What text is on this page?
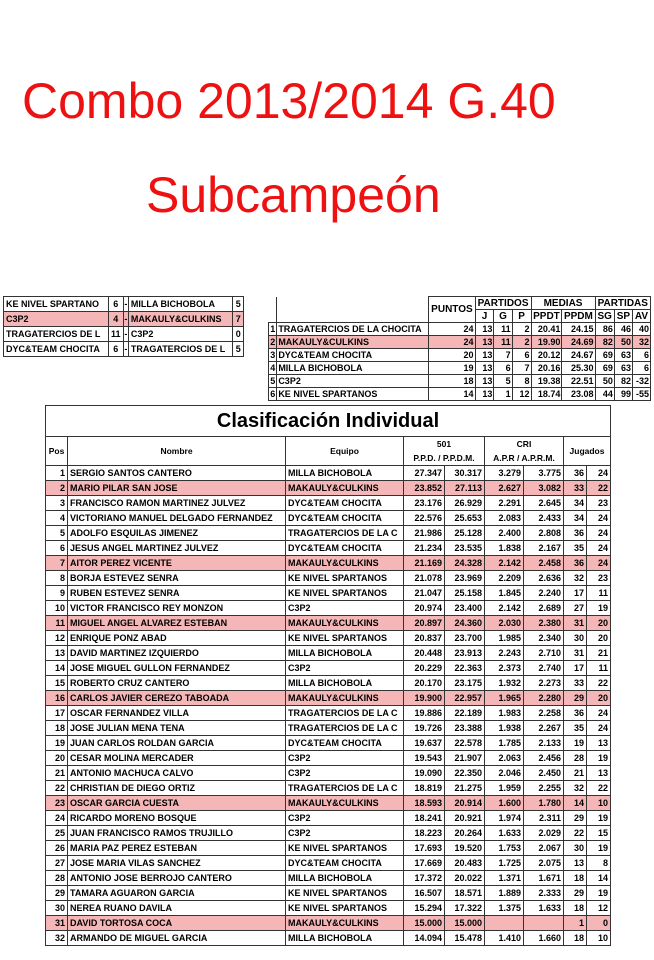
Combo 2013/2014 G.40
Subcampeón
KE NIVEL SPARTANO	6	-	MILLA BICHOBOLA	5
C3P2	4	-	MAKAULY&CULKINS	7
TRAGATERCIOS DE L	11	-	C3P2	0
DYC&TEAM CHOCITA	6	-	TRAGATERCIOS DE L	5
		PUNTOS	PARTIDOS			MEDIAS		PARTIDAS		
			J	G	P	PPDT	PPDM	SG	SP	AV
1	TRAGATERCIOS DE LA CHOCITA	24	13	11	2	20.41	24.15	86	46	40
2	MAKAULY&CULKINS	24	13	11	2	19.90	24.69	82	50	32
3	DYC&TEAM CHOCITA	20	13	7	6	20.12	24.67	69	63	6
4	MILLA BICHOBOLA	19	13	6	7	20.16	25.30	69	63	6
5	C3P2	18	13	5	8	19.38	22.51	50	82	-32
6	KE NIVEL SPARTANOS	14	13	1	12	18.74	23.08	44	99	-55
Clasificación Individual								
Pos	Nombre	Equipo	501		CRI		Jugados	
			P.P.D. / P.P.D.M.		A.P.R / A.P.R.M.			
1	SERGIO SANTOS CANTERO	MILLA BICHOBOLA	27.347	30.317	3.279	3.775	36	24
2	MARIO PILAR SAN JOSE	MAKAULY&CULKINS	23.852	27.113	2.627	3.082	33	22
3	FRANCISCO RAMON MARTINEZ JULVEZ	DYC&TEAM CHOCITA	23.176	26.929	2.291	2.645	34	23
4	VICTORIANO MANUEL DELGADO FERNANDEZ	DYC&TEAM CHOCITA	22.576	25.653	2.083	2.433	34	24
5	ADOLFO ESQUILAS JIMENEZ	TRAGATERCIOS DE LA C	21.986	25.128	2.400	2.808	36	24
6	JESUS ANGEL MARTINEZ JULVEZ	DYC&TEAM CHOCITA	21.234	23.535	1.838	2.167	35	24
7	AITOR PEREZ VICENTE	MAKAULY&CULKINS	21.169	24.328	2.142	2.458	36	24
8	BORJA ESTEVEZ SENRA	KE NIVEL SPARTANOS	21.078	23.969	2.209	2.636	32	23
9	RUBEN ESTEVEZ SENRA	KE NIVEL SPARTANOS	21.047	25.158	1.845	2.240	17	11
10	VICTOR FRANCISCO REY MONZON	C3P2	20.974	23.400	2.142	2.689	27	19
11	MIGUEL ANGEL ALVAREZ ESTEBAN	MAKAULY&CULKINS	20.897	24.360	2.030	2.380	31	20
12	ENRIQUE PONZ ABAD	KE NIVEL SPARTANOS	20.837	23.700	1.985	2.340	30	20
13	DAVID MARTINEZ IZQUIERDO	MILLA BICHOBOLA	20.448	23.913	2.243	2.710	31	21
14	JOSE MIGUEL GULLON FERNANDEZ	C3P2	20.229	22.363	2.373	2.740	17	11
15	ROBERTO CRUZ CANTERO	MILLA BICHOBOLA	20.170	23.175	1.932	2.273	33	22
16	CARLOS JAVIER CEREZO TABOADA	MAKAULY&CULKINS	19.900	22.957	1.965	2.280	29	20
17	OSCAR FERNANDEZ VILLA	TRAGATERCIOS DE LA C	19.886	22.189	1.983	2.258	36	24
18	JOSE JULIAN MENA TENA	TRAGATERCIOS DE LA C	19.726	23.388	1.938	2.267	35	24
19	JUAN CARLOS ROLDAN GARCIA	DYC&TEAM CHOCITA	19.637	22.578	1.785	2.133	19	13
20	CESAR MOLINA MERCADER	C3P2	19.543	21.907	2.063	2.456	28	19
21	ANTONIO MACHUCA CALVO	C3P2	19.090	22.350	2.046	2.450	21	13
22	CHRISTIAN DE DIEGO ORTIZ	TRAGATERCIOS DE LA C	18.819	21.275	1.959	2.255	32	22
23	OSCAR GARCIA CUESTA	MAKAULY&CULKINS	18.593	20.914	1.600	1.780	14	10
24	RICARDO MORENO BOSQUE	C3P2	18.241	20.921	1.974	2.311	29	19
25	JUAN FRANCISCO RAMOS TRUJILLO	C3P2	18.223	20.264	1.633	2.029	22	15
26	MARIA PAZ PEREZ ESTEBAN	KE NIVEL SPARTANOS	17.693	19.520	1.753	2.067	30	19
27	JOSE MARIA VILAS SANCHEZ	DYC&TEAM CHOCITA	17.669	20.483	1.725	2.075	13	8
28	ANTONIO JOSE BERROJO CANTERO	MILLA BICHOBOLA	17.372	20.022	1.371	1.671	18	14
29	TAMARA AGUARON GARCIA	KE NIVEL SPARTANOS	16.507	18.571	1.889	2.333	29	19
30	NEREA RUANO DAVILA	KE NIVEL SPARTANOS	15.294	17.322	1.375	1.633	18	12
31	DAVID TORTOSA COCA	MAKAULY&CULKINS	15.000	15.000			1	0
32	ARMANDO DE MIGUEL GARCIA	MILLA BICHOBOLA	14.094	15.478	1.410	1.660	18	10
